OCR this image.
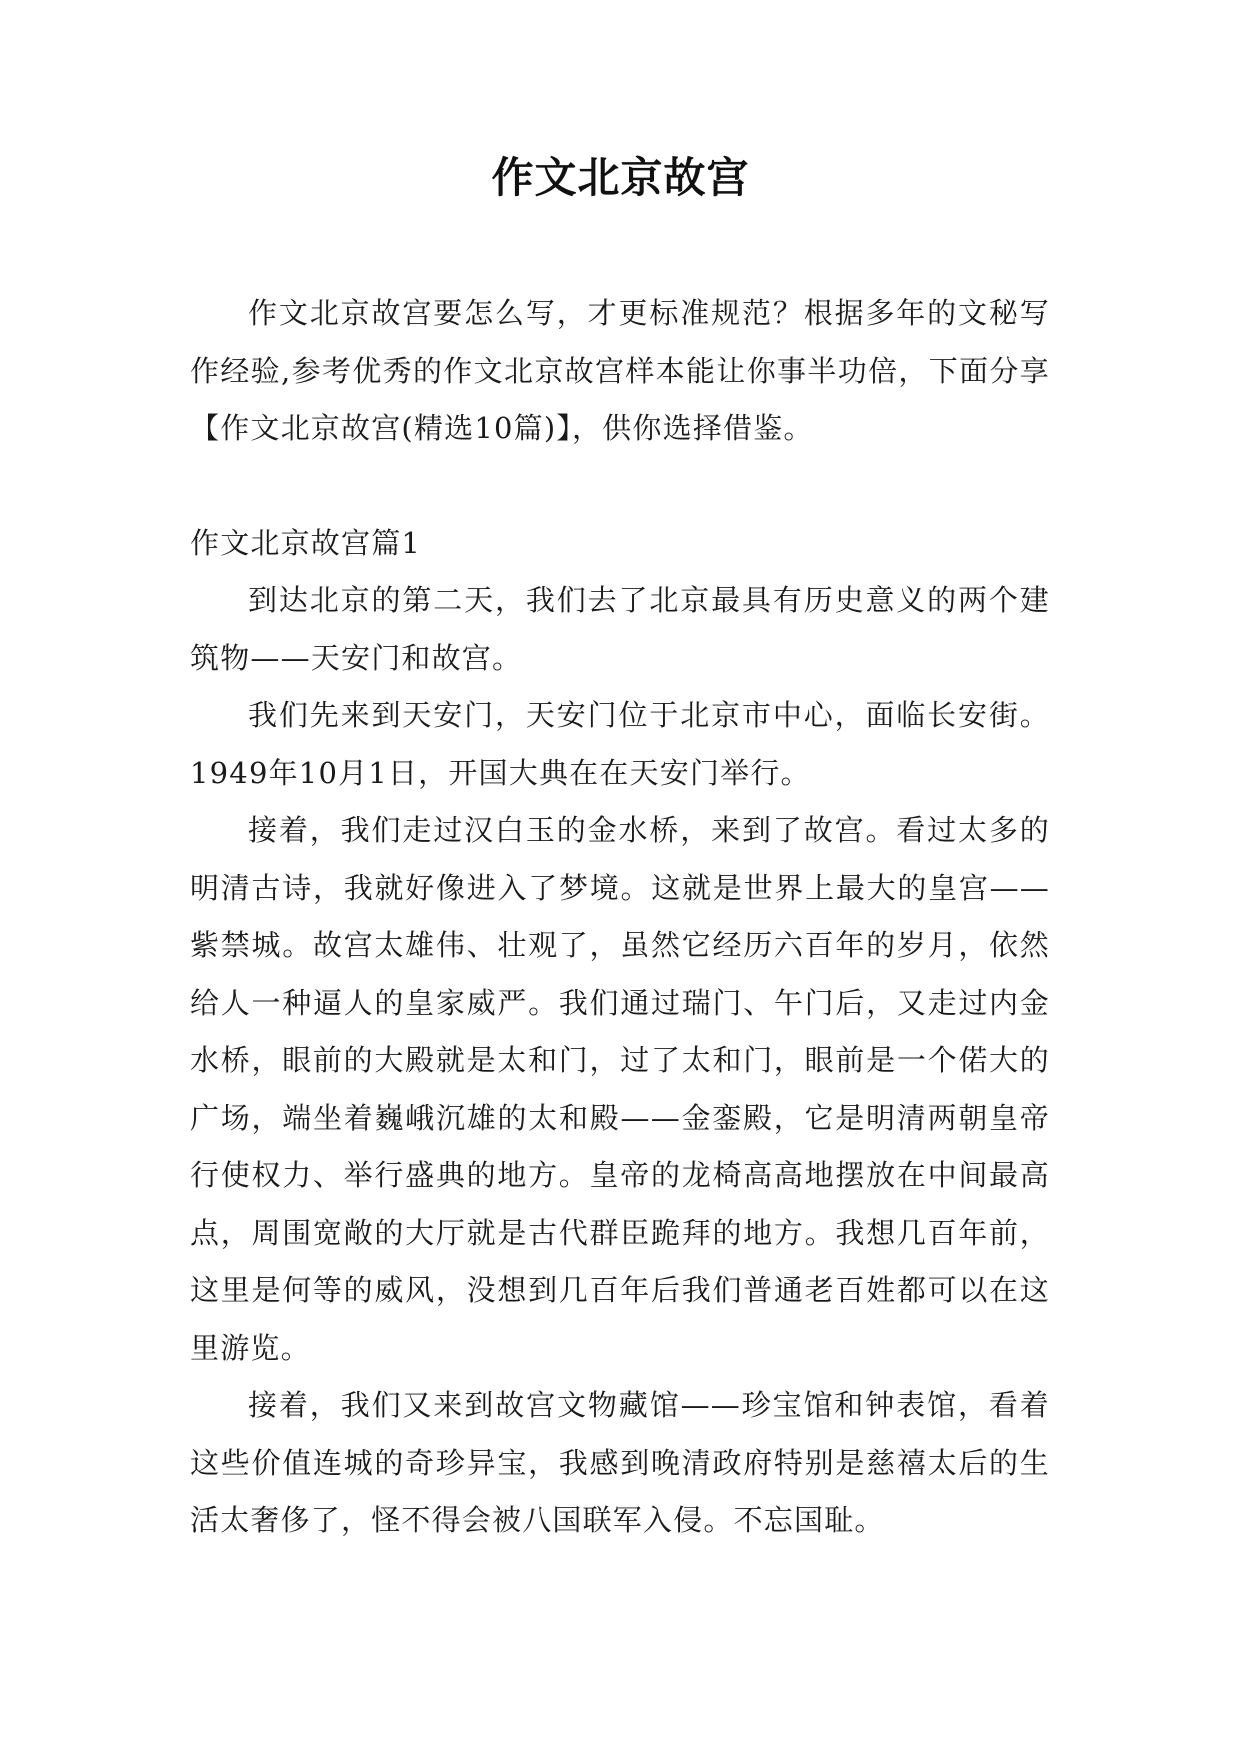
作文北京故宫

作文北京故宫要怎么写，才更标准规范？根据多年的文秘写作经验,参考优秀的作文北京故宫样本能让你事半功倍，下面分享【作文北京故宫(精选10篇)】，供你选择借鉴。

作文北京故宫篇1

到达北京的第二天，我们去了北京最具有历史意义的两个建筑物——天安门和故宫。

我们先来到天安门，天安门位于北京市中心，面临长安街。1949年10月1日，开国大典在在天安门举行。

接着，我们走过汉白玉的金水桥，来到了故宫。看过太多的明清古诗，我就好像进入了梦境。这就是世界上最大的皇宫——紫禁城。故宫太雄伟、壮观了，虽然它经历六百年的岁月，依然给人一种逼人的皇家威严。我们通过瑞门、午门后，又走过内金水桥，眼前的大殿就是太和门，过了太和门，眼前是一个偌大的广场，端坐着巍峨沉雄的太和殿——金銮殿，它是明清两朝皇帝行使权力、举行盛典的地方。皇帝的龙椅高高地摆放在中间最高点，周围宽敞的大厅就是古代群臣跪拜的地方。我想几百年前，这里是何等的威风，没想到几百年后我们普通老百姓都可以在这里游览。

接着，我们又来到故宫文物藏馆——珍宝馆和钟表馆，看着这些价值连城的奇珍异宝，我感到晚清政府特别是慈禧太后的生活太奢侈了，怪不得会被八国联军入侵。不忘国耻。
